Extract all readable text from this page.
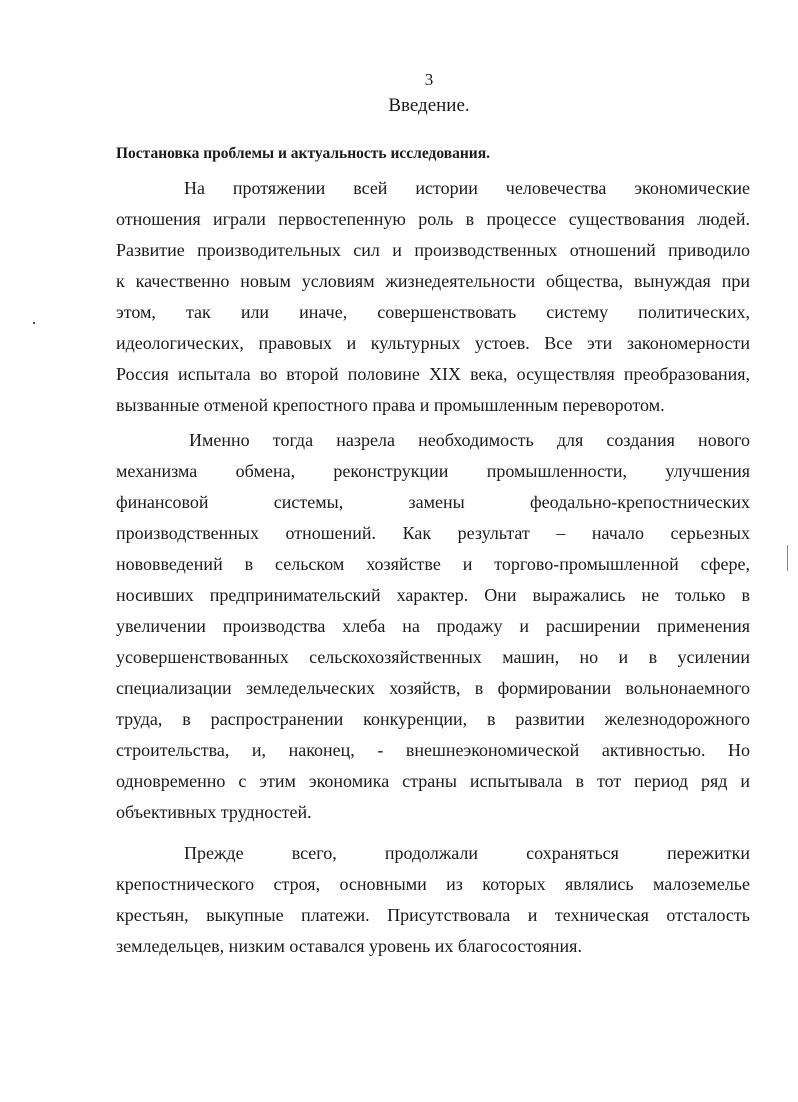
3
Введение.
Постановка проблемы и актуальность исследования.
На протяжении всей истории человечества экономические
отношения играли первостепенную роль в процессе существования людей.
Развитие производительных сил и производственных отношений приводило
к качественно новым условиям жизнедеятельности общества, вынуждая при
этом, так или иначе, совершенствовать систему политических,
идеологических, правовых и культурных устоев. Все эти закономерности
Россия испытала во второй половине XIX века, осуществляя преобразования,
вызванные отменой крепостного права и промышленным переворотом.
Именно тогда назрела необходимость для создания нового
механизма обмена, реконструкции промышленности, улучшения
финансовой системы, замены феодально-крепостнических
производственных отношений. Как результат – начало серьезных
нововведений в сельском хозяйстве и торгово-промышленной сфере,
носивших предпринимательский характер. Они выражались не только в
увеличении производства хлеба на продажу и расширении применения
усовершенствованных сельскохозяйственных машин, но и в усилении
специализации земледельческих хозяйств, в формировании вольнонаемного
труда, в распространении конкуренции, в развитии железнодорожного
строительства, и, наконец, - внешнеэкономической активностью. Но
одновременно с этим экономика страны испытывала в тот период ряд и
объективных трудностей.
Прежде всего, продолжали сохраняться пережитки
крепостнического строя, основными из которых являлись малоземелье
крестьян, выкупные платежи. Присутствовала и техническая отсталость
земледельцев, низким оставался уровень их благосостояния.
